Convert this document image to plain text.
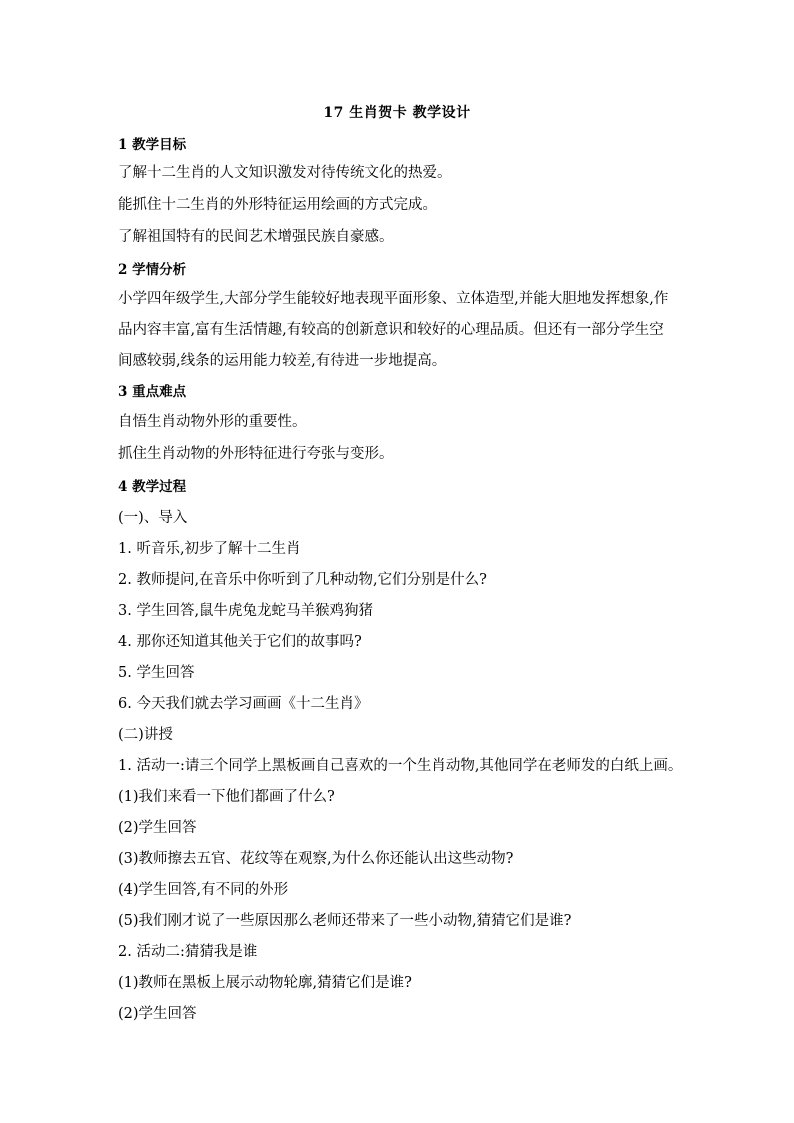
17 生肖贺卡 教学设计
1 教学目标
了解十二生肖的人文知识激发对待传统文化的热爱。
能抓住十二生肖的外形特征运用绘画的方式完成。
了解祖国特有的民间艺术增强民族自豪感。
2 学情分析
小学四年级学生,大部分学生能较好地表现平面形象、立体造型,并能大胆地发挥想象,作
品内容丰富,富有生活情趣,有较高的创新意识和较好的心理品质。但还有一部分学生空
间感较弱,线条的运用能力较差,有待进一步地提高。
3 重点难点
自悟生肖动物外形的重要性。
抓住生肖动物的外形特征进行夸张与变形。
4 教学过程
(一)、导入
1. 听音乐,初步了解十二生肖
2. 教师提问,在音乐中你听到了几种动物,它们分别是什么?
3. 学生回答,鼠牛虎兔龙蛇马羊猴鸡狗猪
4. 那你还知道其他关于它们的故事吗?
5. 学生回答
6. 今天我们就去学习画画《十二生肖》
(二)讲授
1. 活动一:请三个同学上黑板画自己喜欢的一个生肖动物,其他同学在老师发的白纸上画。
(1)我们来看一下他们都画了什么?
(2)学生回答
(3)教师擦去五官、花纹等在观察,为什么你还能认出这些动物?
(4)学生回答,有不同的外形
(5)我们刚才说了一些原因那么老师还带来了一些小动物,猜猜它们是谁?
2. 活动二:猜猜我是谁
(1)教师在黑板上展示动物轮廓,猜猜它们是谁?
(2)学生回答
